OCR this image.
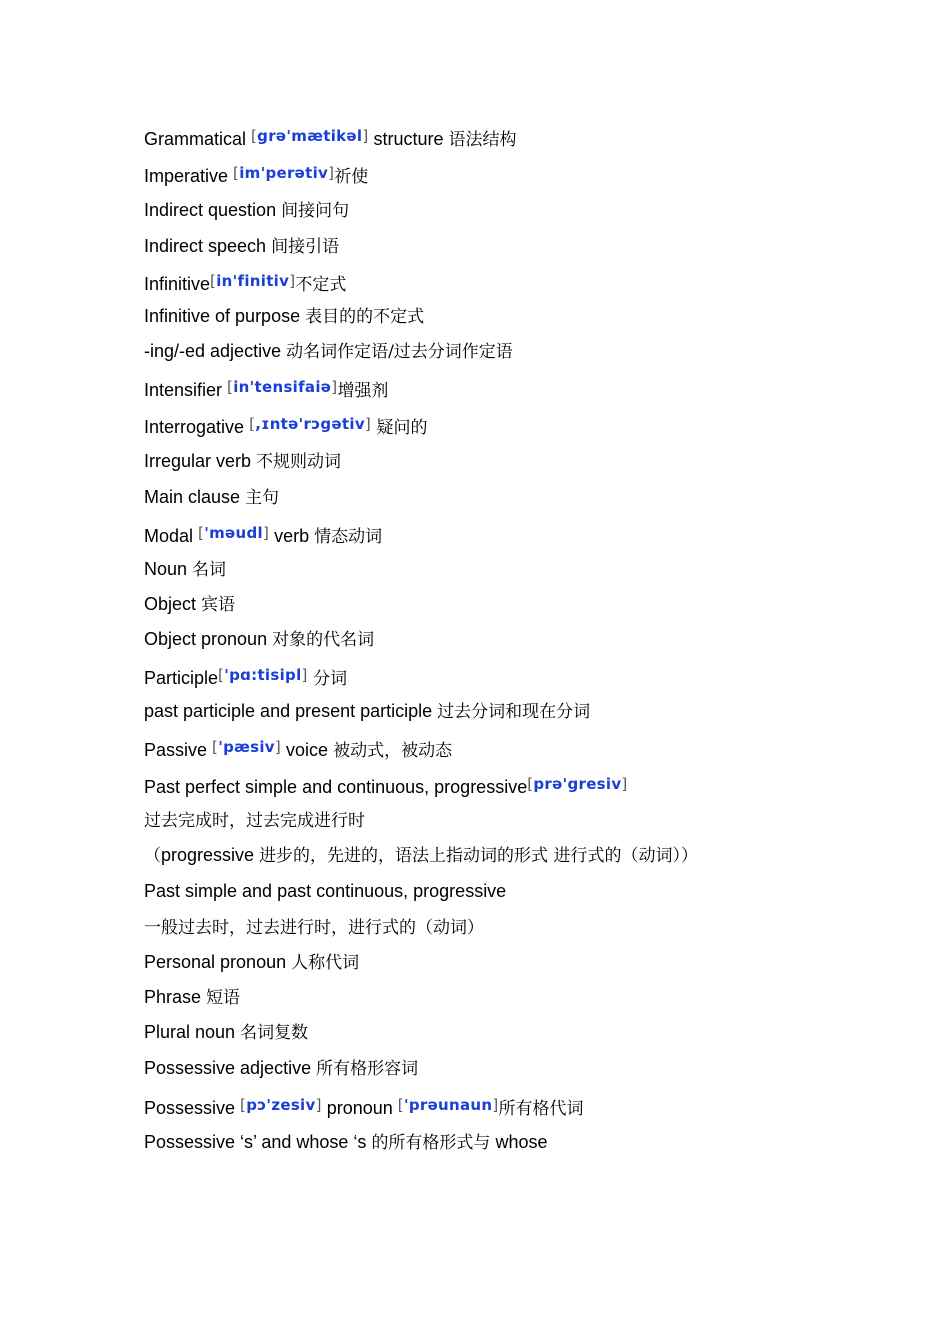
Grammatical [grə'mætikəl] structure 语法结构
Imperative [im'perətiv]祈使
Indirect question 间接问句
Indirect speech 间接引语
Infinitive[in'finitiv]不定式
Infinitive of purpose 表目的的不定式
-ing/-ed adjective 动名词作定语/过去分词作定语
Intensifier [in'tensifaiə]增强剂
Interrogative [,ɪntə'rɔgətiv] 疑问的
Irregular verb 不规则动词
Main clause 主句
Modal ['məudl] verb 情态动词
Noun 名词
Object 宾语
Object pronoun 对象的代名词
Participle['pɑ:tisipl] 分词
past participle and present participle 过去分词和现在分词
Passive ['pæsiv] voice 被动式，被动态
Past perfect simple and continuous, progressive[prə'gresiv]
过去完成时，过去完成进行时
（progressive 进步的，先进的，语法上指动词的形式 进行式的（动词））
Past simple and past continuous, progressive
一般过去时，过去进行时，进行式的（动词）
Personal pronoun 人称代词
Phrase 短语
Plural noun 名词复数
Possessive adjective 所有格形容词
Possessive [pɔ'zesiv] pronoun ['prəunaun]所有格代词
Possessive ‘s’ and whose ‘s 的所有格形式与 whose
